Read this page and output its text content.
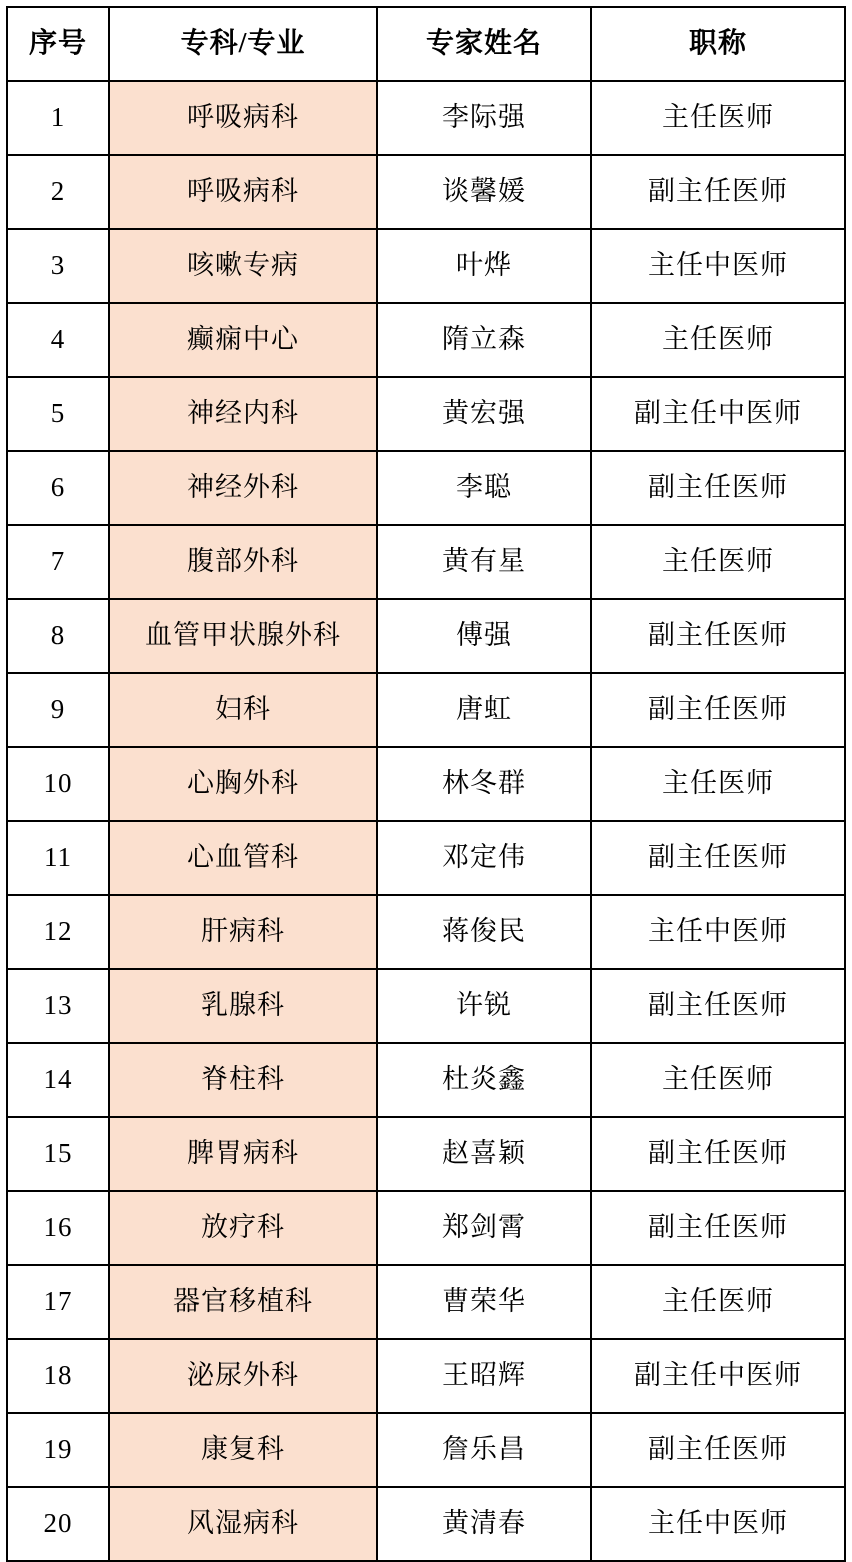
序号	专科/专业	专家姓名	职称
1	呼吸病科	李际强	主任医师
2	呼吸病科	谈馨媛	副主任医师
3	咳嗽专病	叶烨	主任中医师
4	癫痫中心	隋立森	主任医师
5	神经内科	黄宏强	副主任中医师
6	神经外科	李聪	副主任医师
7	腹部外科	黄有星	主任医师
8	血管甲状腺外科	傅强	副主任医师
9	妇科	唐虹	副主任医师
10	心胸外科	林冬群	主任医师
11	心血管科	邓定伟	副主任医师
12	肝病科	蒋俊民	主任中医师
13	乳腺科	许锐	副主任医师
14	脊柱科	杜炎鑫	主任医师
15	脾胃病科	赵喜颖	副主任医师
16	放疗科	郑剑霄	副主任医师
17	器官移植科	曹荣华	主任医师
18	泌尿外科	王昭辉	副主任中医师
19	康复科	詹乐昌	副主任医师
20	风湿病科	黄清春	主任中医师
